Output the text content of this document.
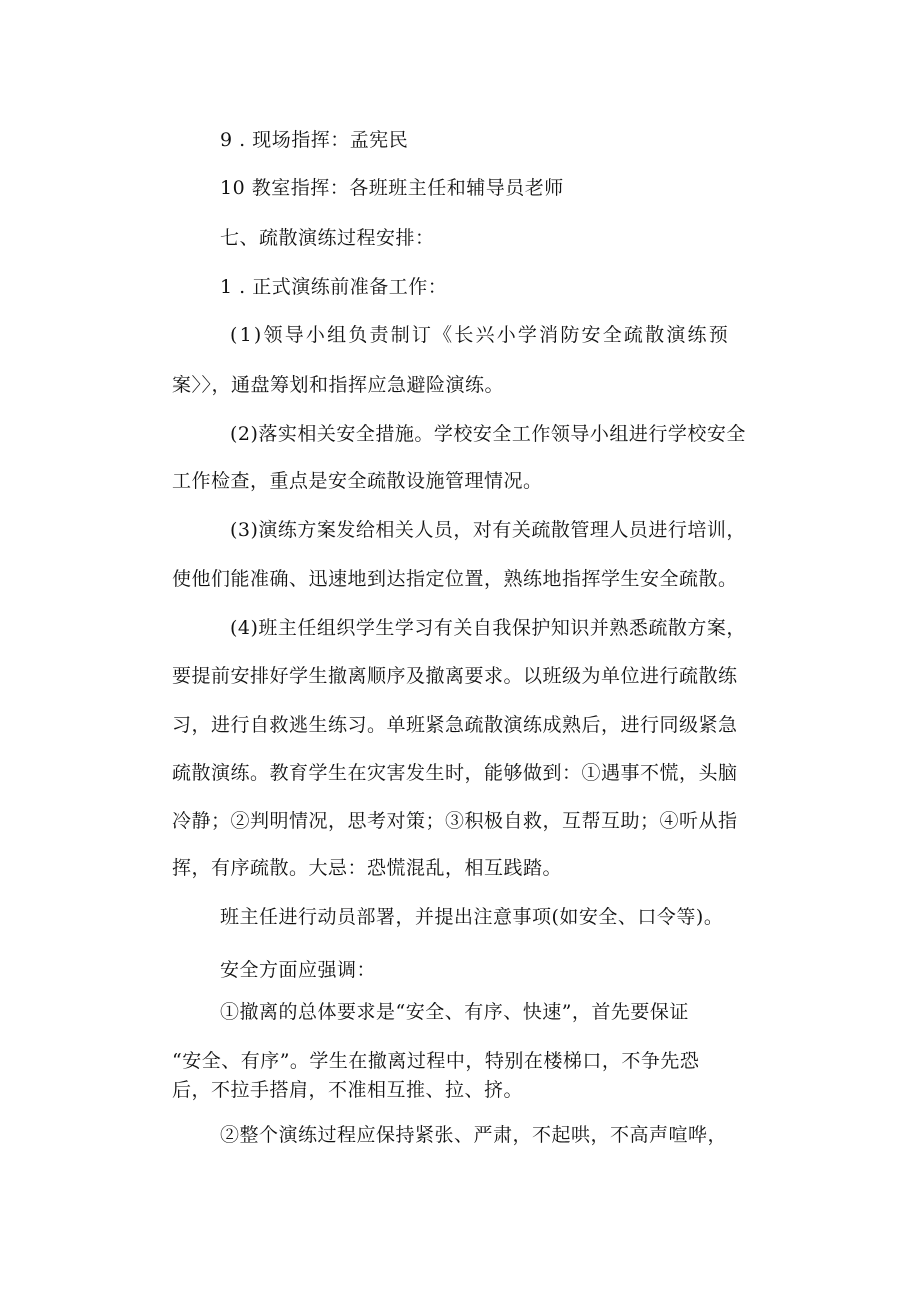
9 . 现场指挥：孟宪民

10 教室指挥：各班班主任和辅导员老师

七、疏散演练过程安排：

1 . 正式演练前准备工作：

(1)领导小组负责制订《长兴小学消防安全疏散演练预

案〉〉，通盘筹划和指挥应急避险演练。

(2)落实相关安全措施。学校安全工作领导小组进行学校安全

工作检查，重点是安全疏散设施管理情况。

(3)演练方案发给相关人员，对有关疏散管理人员进行培训，

使他们能准确、迅速地到达指定位置，熟练地指挥学生安全疏散。

(4)班主任组织学生学习有关自我保护知识并熟悉疏散方案，

要提前安排好学生撤离顺序及撤离要求。以班级为单位进行疏散练

习，进行自救逃生练习。单班紧急疏散演练成熟后，进行同级紧急

疏散演练。教育学生在灾害发生时，能够做到：①遇事不慌，头脑

冷静；②判明情况，思考对策；③积极自救，互帮互助；④听从指

挥，有序疏散。大忌：恐慌混乱，相互践踏。

班主任进行动员部署，并提出注意事项(如安全、口令等)。

安全方面应强调：

①撤离的总体要求是“安全、有序、快速”，首先要保证

“安全、有序”。学生在撤离过程中，特别在楼梯口，不争先恐

后，不拉手搭肩，不准相互推、拉、挤。

②整个演练过程应保持紧张、严肃，不起哄，不高声喧哗，
